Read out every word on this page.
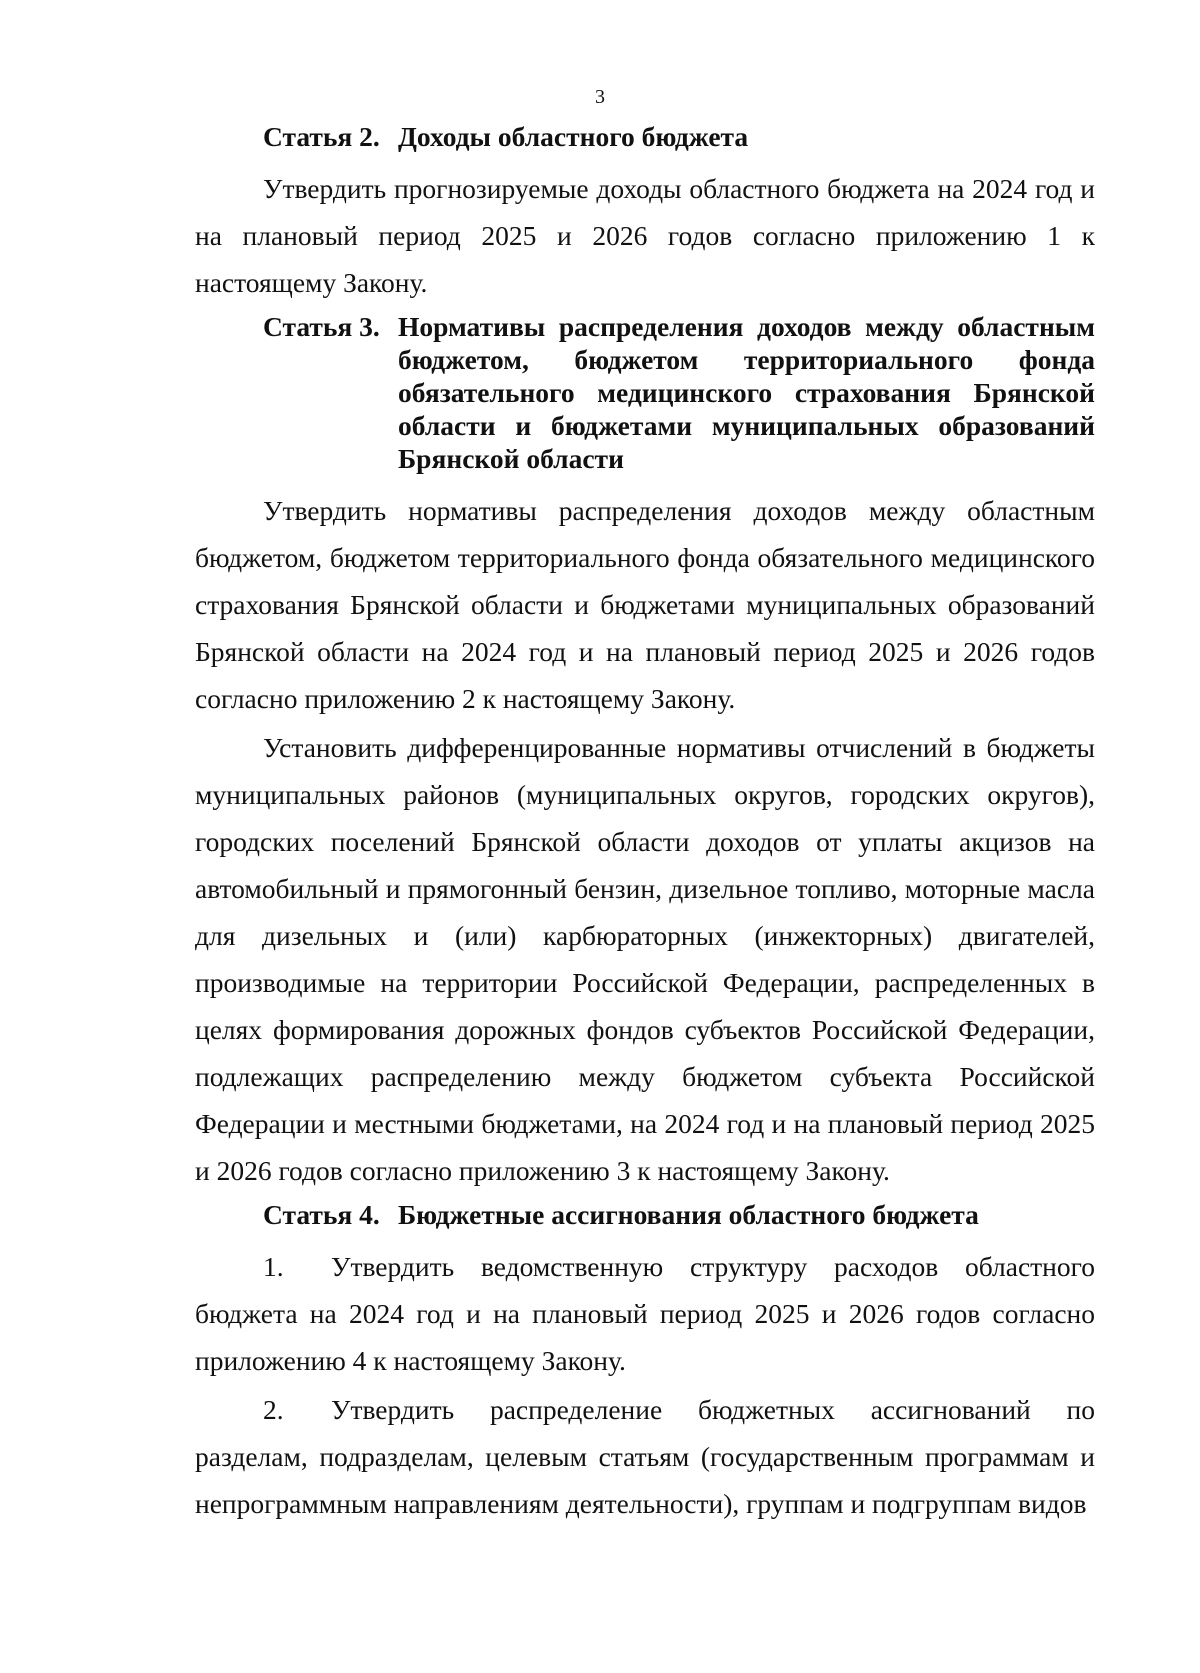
3
Статья 2. Доходы областного бюджета

Утвердить прогнозируемые доходы областного бюджета на 2024 год и на плановый период 2025 и 2026 годов согласно приложению 1 к настоящему Закону.

Статья 3. Нормативы распределения доходов между областным бюджетом, бюджетом территориального фонда обязательного медицинского страхования Брянской области и бюджетами муниципальных образований Брянской области

Утвердить нормативы распределения доходов между областным бюджетом, бюджетом территориального фонда обязательного медицинского страхования Брянской области и бюджетами муниципальных образований Брянской области на 2024 год и на плановый период 2025 и 2026 годов согласно приложению 2 к настоящему Закону.

Установить дифференцированные нормативы отчислений в бюджеты муниципальных районов (муниципальных округов, городских округов), городских поселений Брянской области доходов от уплаты акцизов на автомобильный и прямогонный бензин, дизельное топливо, моторные масла для дизельных и (или) карбюраторных (инжекторных) двигателей, производимые на территории Российской Федерации, распределенных в целях формирования дорожных фондов субъектов Российской Федерации, подлежащих распределению между бюджетом субъекта Российской Федерации и местными бюджетами, на 2024 год и на плановый период 2025 и 2026 годов согласно приложению 3 к настоящему Закону.

Статья 4. Бюджетные ассигнования областного бюджета

1. Утвердить ведомственную структуру расходов областного бюджета на 2024 год и на плановый период 2025 и 2026 годов согласно приложению 4 к настоящему Закону.

2. Утвердить распределение бюджетных ассигнований по разделам, подразделам, целевым статьям (государственным программам и непрограммным направлениям деятельности), группам и подгруппам видов
